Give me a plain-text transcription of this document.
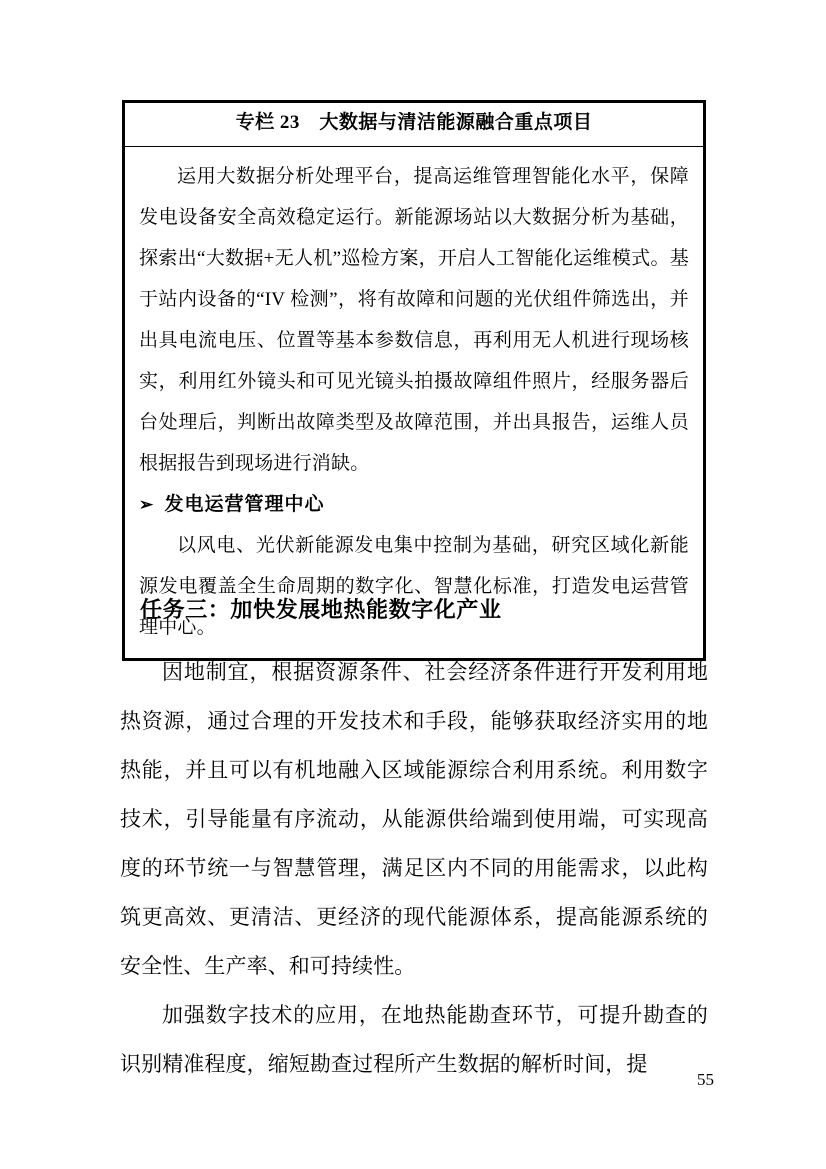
专栏 23　大数据与清洁能源融合重点项目

运用大数据分析处理平台，提高运维管理智能化水平，保障发电设备安全高效稳定运行。新能源场站以大数据分析为基础，探索出“大数据+无人机”巡检方案，开启人工智能化运维模式。基于站内设备的“IV 检测”，将有故障和问题的光伏组件筛选出，并出具电流电压、位置等基本参数信息，再利用无人机进行现场核实，利用红外镜头和可见光镜头拍摄故障组件照片，经服务器后台处理后，判断出故障类型及故障范围，并出具报告，运维人员根据报告到现场进行消缺。

➢ 发电运营管理中心

以风电、光伏新能源发电集中控制为基础，研究区域化新能源发电覆盖全生命周期的数字化、智慧化标准，打造发电运营管理中心。

任务三：加快发展地热能数字化产业

因地制宜，根据资源条件、社会经济条件进行开发利用地热资源，通过合理的开发技术和手段，能够获取经济实用的地热能，并且可以有机地融入区域能源综合利用系统。利用数字技术，引导能量有序流动，从能源供给端到使用端，可实现高度的环节统一与智慧管理，满足区内不同的用能需求，以此构筑更高效、更清洁、更经济的现代能源体系，提高能源系统的安全性、生产率、和可持续性。

加强数字技术的应用，在地热能勘查环节，可提升勘查的识别精准程度，缩短勘查过程所产生数据的解析时间，提

55
